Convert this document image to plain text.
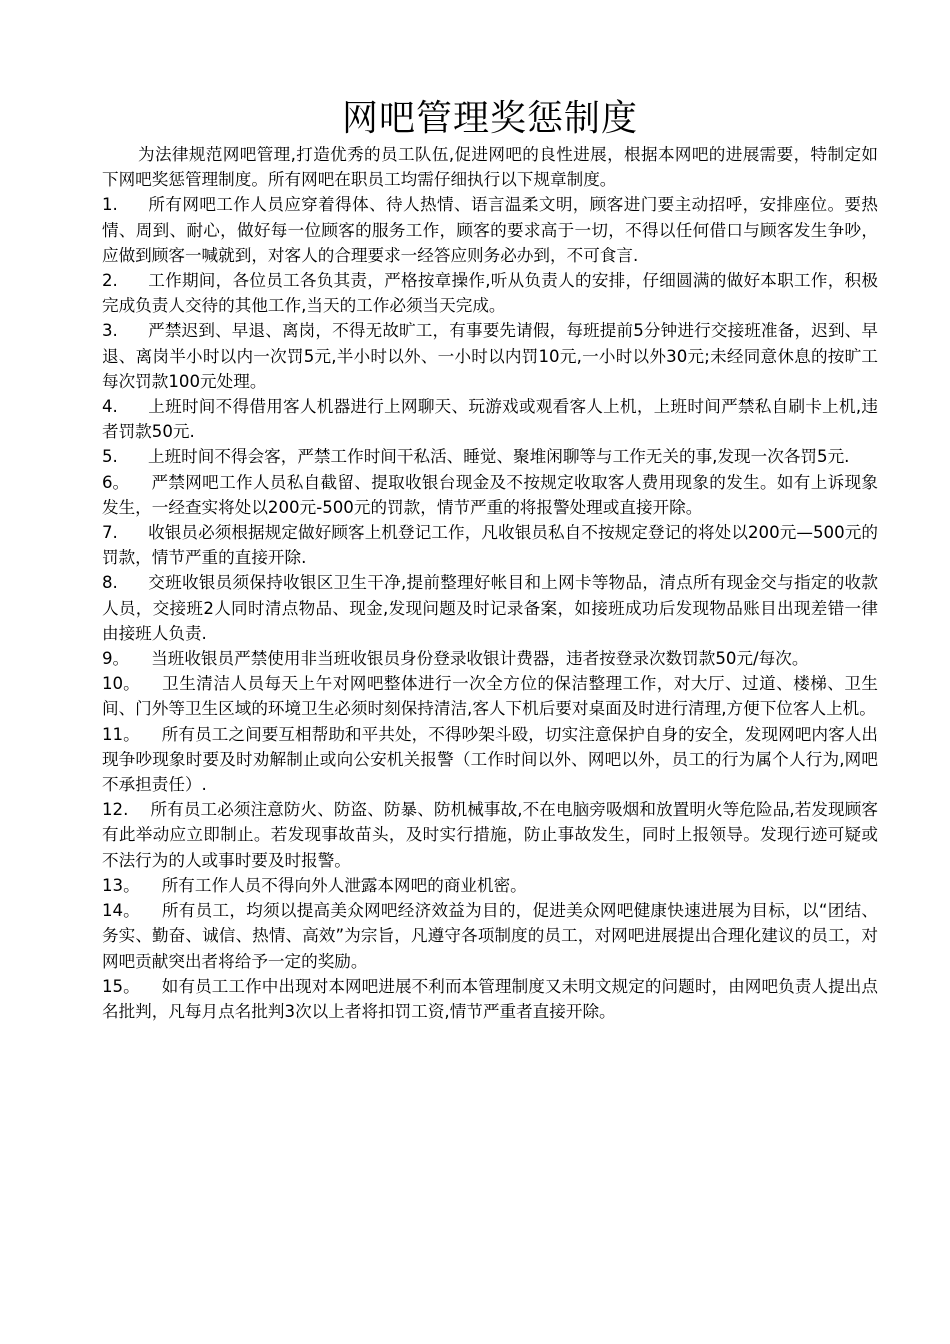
网吧管理奖惩制度

为法律规范网吧管理,打造优秀的员工队伍,促进网吧的良性进展，根据本网吧的进展需要，特制定如下网吧奖惩管理制度。所有网吧在职员工均需仔细执行以下规章制度。

1. 所有网吧工作人员应穿着得体、待人热情、语言温柔文明，顾客进门要主动招呼，安排座位。要热情、周到、耐心，做好每一位顾客的服务工作，顾客的要求高于一切，不得以任何借口与顾客发生争吵，应做到顾客一喊就到，对客人的合理要求一经答应则务必办到，不可食言.

2. 工作期间，各位员工各负其责，严格按章操作,听从负责人的安排，仔细圆满的做好本职工作，积极完成负责人交待的其他工作,当天的工作必须当天完成。

3. 严禁迟到、早退、离岗，不得无故旷工，有事要先请假，每班提前5分钟进行交接班准备，迟到、早退、离岗半小时以内一次罚5元,半小时以外、一小时以内罚10元,一小时以外30元;未经同意休息的按旷工每次罚款100元处理。

4. 上班时间不得借用客人机器进行上网聊天、玩游戏或观看客人上机，上班时间严禁私自刷卡上机,违者罚款50元.

5. 上班时间不得会客，严禁工作时间干私活、睡觉、聚堆闲聊等与工作无关的事,发现一次各罚5元.

6。 严禁网吧工作人员私自截留、提取收银台现金及不按规定收取客人费用现象的发生。如有上诉现象发生，一经查实将处以200元-500元的罚款，情节严重的将报警处理或直接开除。

7. 收银员必须根据规定做好顾客上机登记工作，凡收银员私自不按规定登记的将处以200元—500元的罚款，情节严重的直接开除.

8. 交班收银员须保持收银区卫生干净,提前整理好帐目和上网卡等物品，清点所有现金交与指定的收款人员，交接班2人同时清点物品、现金,发现问题及时记录备案，如接班成功后发现物品账目出现差错一律由接班人负责.

9。 当班收银员严禁使用非当班收银员身份登录收银计费器，违者按登录次数罚款50元/每次。

10。 卫生清洁人员每天上午对网吧整体进行一次全方位的保洁整理工作，对大厅、过道、楼梯、卫生间、门外等卫生区域的环境卫生必须时刻保持清洁,客人下机后要对桌面及时进行清理,方便下位客人上机。

11。 所有员工之间要互相帮助和平共处，不得吵架斗殴，切实注意保护自身的安全，发现网吧内客人出现争吵现象时要及时劝解制止或向公安机关报警（工作时间以外、网吧以外，员工的行为属个人行为,网吧不承担责任）.

12. 所有员工必须注意防火、防盗、防暴、防机械事故,不在电脑旁吸烟和放置明火等危险品,若发现顾客有此举动应立即制止。若发现事故苗头，及时实行措施，防止事故发生，同时上报领导。发现行迹可疑或不法行为的人或事时要及时报警。

13。 所有工作人员不得向外人泄露本网吧的商业机密。

14。 所有员工，均须以提高美众网吧经济效益为目的，促进美众网吧健康快速进展为目标，以“团结、务实、勤奋、诚信、热情、高效”为宗旨，凡遵守各项制度的员工，对网吧进展提出合理化建议的员工，对网吧贡献突出者将给予一定的奖励。

15。 如有员工工作中出现对本网吧进展不利而本管理制度又未明文规定的问题时，由网吧负责人提出点名批判，凡每月点名批判3次以上者将扣罚工资,情节严重者直接开除。
